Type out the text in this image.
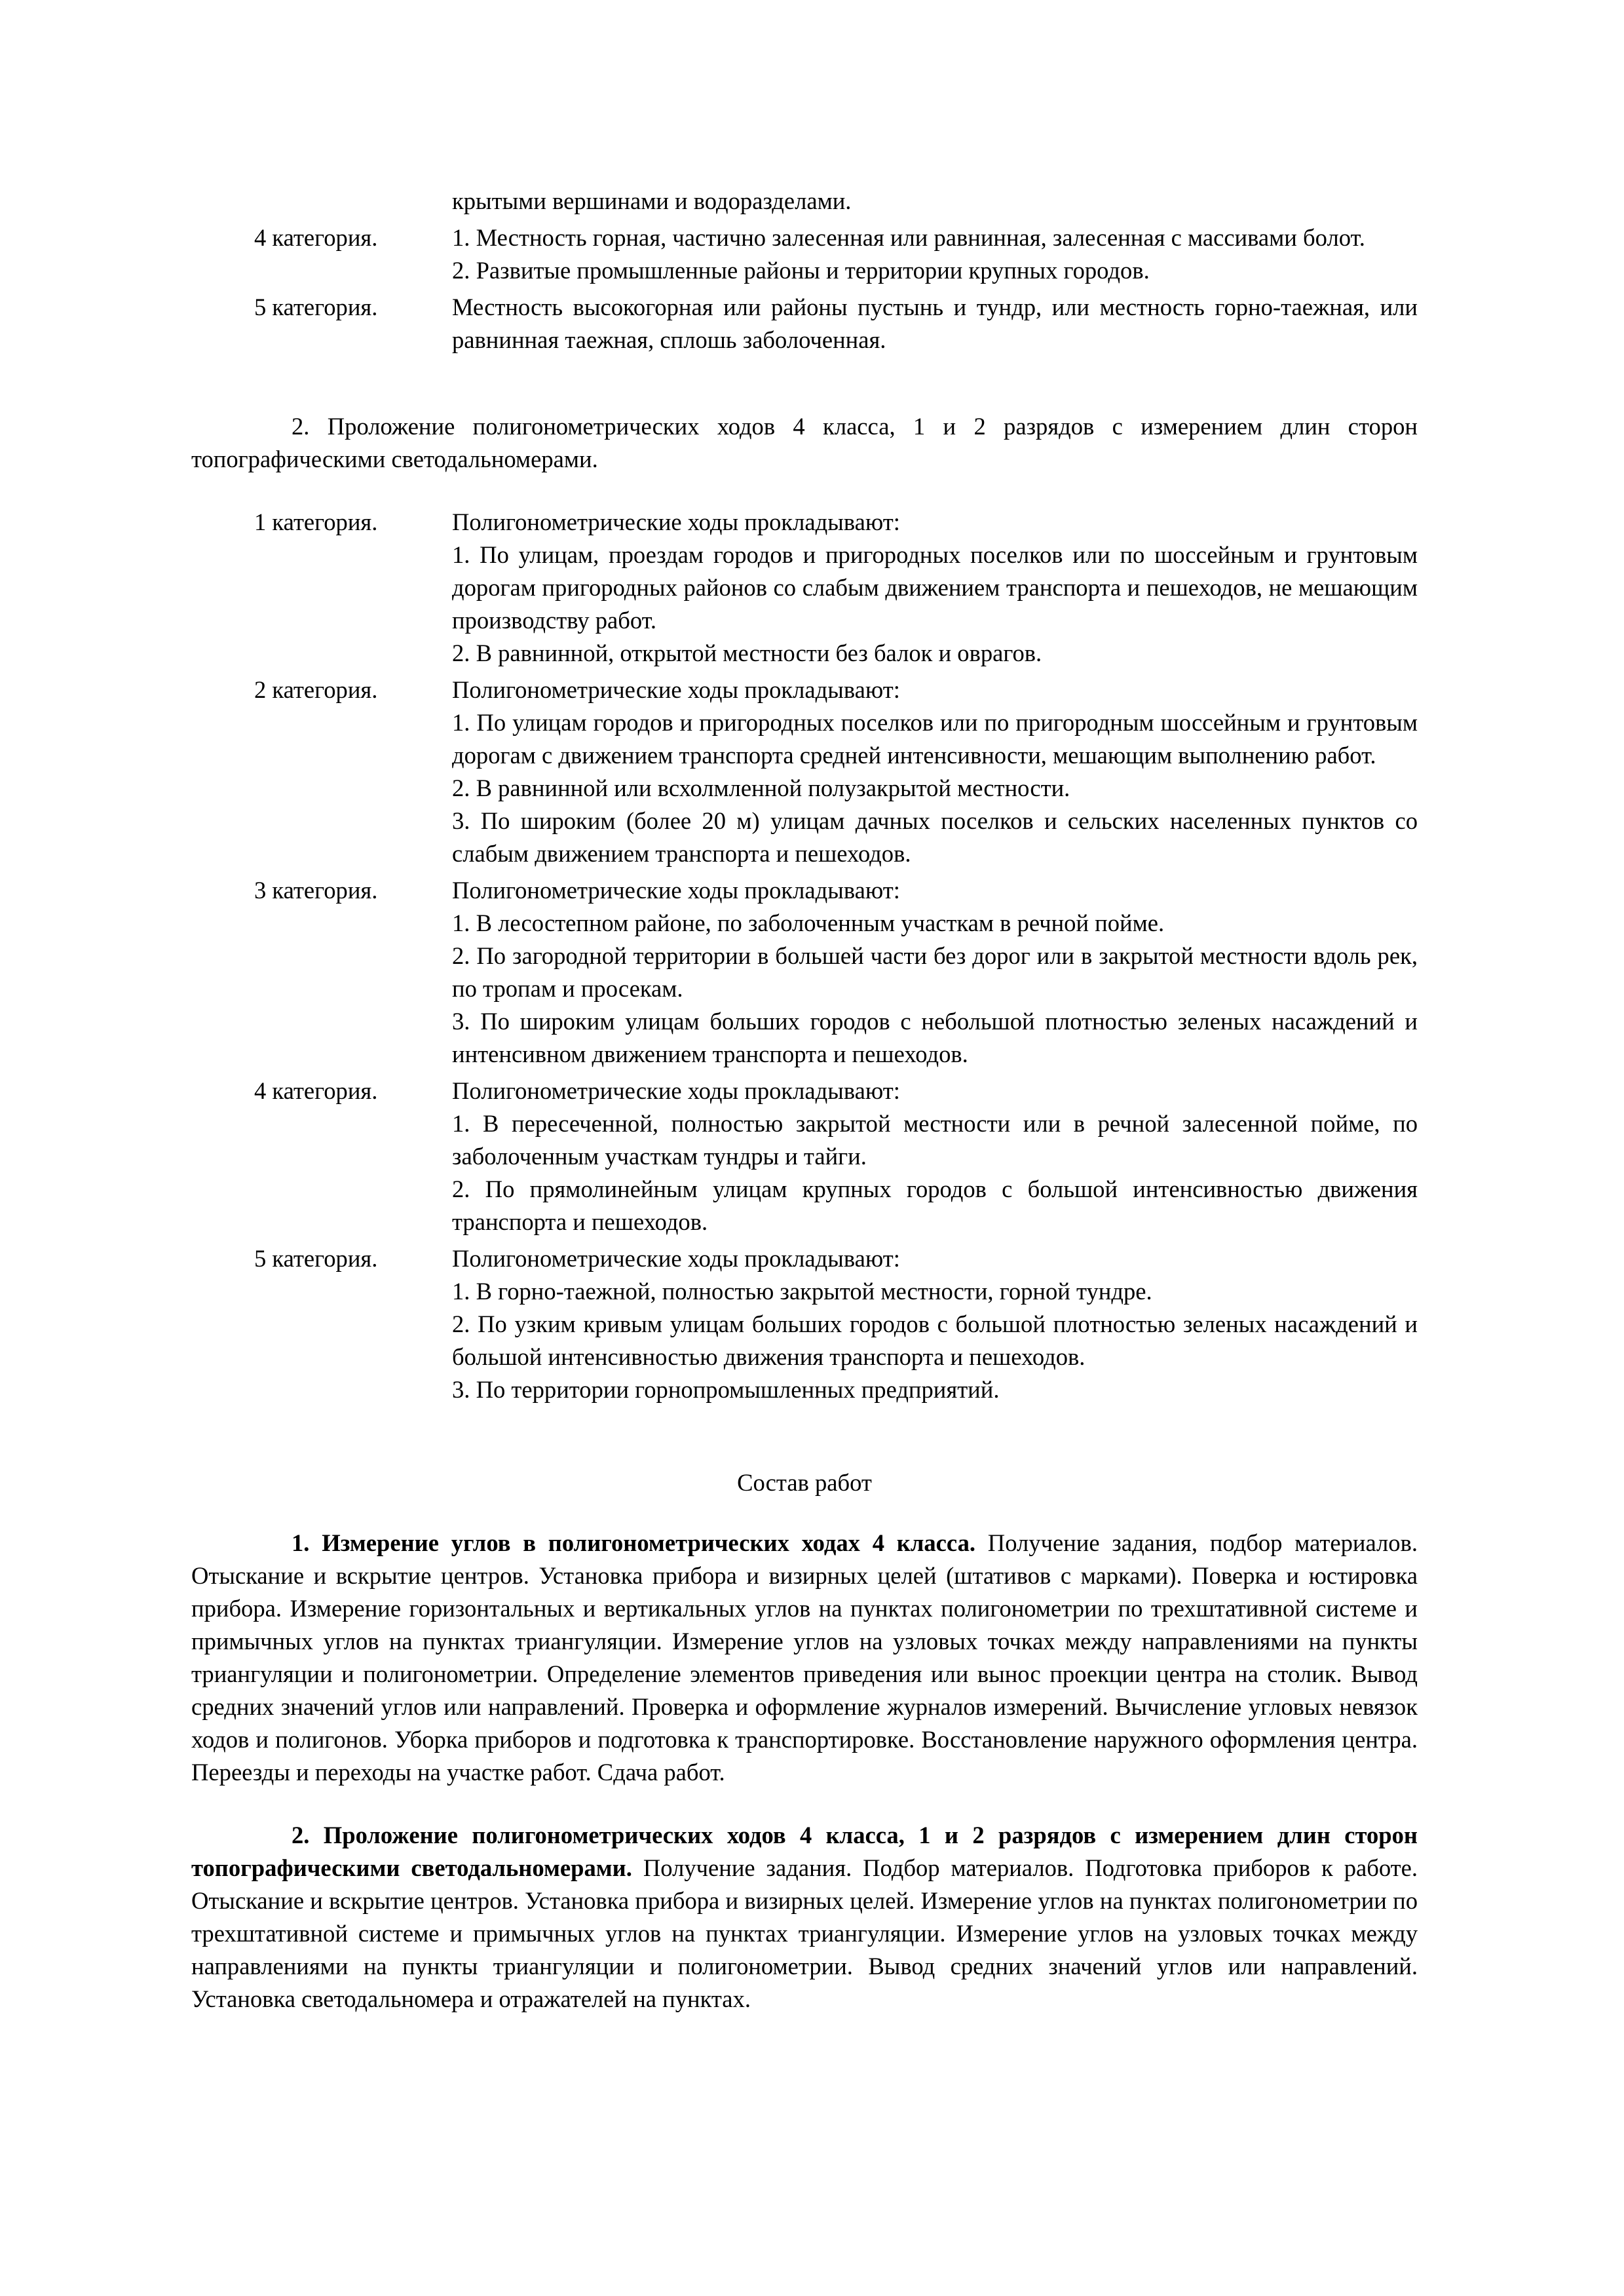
крытыми вершинами и водоразделами.
4 категория.	1. Местность горная, частично залесенная или равнинная, залесенная с массивами болот.
2. Развитые промышленные районы и территории крупных городов.
5 категория.	Местность высокогорная или районы пустынь и тундр, или местность горно-таежная, или равнинная таежная, сплошь заболоченная.
2. Проложение полигонометрических ходов 4 класса, 1 и 2 разрядов с измерением длин сторон топографическими светодальномерами.
1 категория.	Полигонометрические ходы прокладывают:
1. По улицам, проездам городов и пригородных поселков или по шоссейным и грунтовым дорогам пригородных районов со слабым движением транспорта и пешеходов, не мешающим производству работ.
2. В равнинной, открытой местности без балок и оврагов.
2 категория.	Полигонометрические ходы прокладывают:
1. По улицам городов и пригородных поселков или по пригородным шоссейным и грунтовым дорогам с движением транспорта средней интенсивности, мешающим выполнению работ.
2. В равнинной или всхолмленной полузакрытой местности.
3. По широким (более 20 м) улицам дачных поселков и сельских населенных пунктов со слабым движением транспорта и пешеходов.
3 категория.	Полигонометрические ходы прокладывают:
1. В лесостепном районе, по заболоченным участкам в речной пойме.
2. По загородной территории в большей части без дорог или в закрытой местности вдоль рек, по тропам и просекам.
3. По широким улицам больших городов с небольшой плотностью зеленых насаждений и интенсивном движением транспорта и пешеходов.
4 категория.	Полигонометрические ходы прокладывают:
1. В пересеченной, полностью закрытой местности или в речной залесенной пойме, по заболоченным участкам тундры и тайги.
2. По прямолинейным улицам крупных городов с большой интенсивностью движения транспорта и пешеходов.
5 категория.	Полигонометрические ходы прокладывают:
1. В горно-таежной, полностью закрытой местности, горной тундре.
2. По узким кривым улицам больших городов с большой плотностью зеленых насаждений и большой интенсивностью движения транспорта и пешеходов.
3. По территории горнопромышленных предприятий.
Состав работ
1. Измерение углов в полигонометрических ходах 4 класса. Получение задания, подбор материалов. Отыскание и вскрытие центров. Установка прибора и визирных целей (штативов с марками). Поверка и юстировка прибора. Измерение горизонтальных и вертикальных углов на пунктах полигонометрии по трехштативной системе и примычных углов на пунктах триангуляции. Измерение углов на узловых точках между направлениями на пункты триангуляции и полигонометрии. Определение элементов приведения или вынос проекции центра на столик. Вывод средних значений углов или направлений. Проверка и оформление журналов измерений. Вычисление угловых невязок ходов и полигонов. Уборка приборов и подготовка к транспортировке. Восстановление наружного оформления центра. Переезды и переходы на участке работ. Сдача работ.
2. Проложение полигонометрических ходов 4 класса, 1 и 2 разрядов с измерением длин сторон топографическими светодальномерами. Получение задания. Подбор материалов. Подготовка приборов к работе. Отыскание и вскрытие центров. Установка прибора и визирных целей. Измерение углов на пунктах полигонометрии по трехштативной системе и примычных углов на пунктах триангуляции. Измерение углов на узловых точках между направлениями на пункты триангуляции и полигонометрии. Вывод средних значений углов или направлений. Установка светодальномера и отражателей на пунктах.
